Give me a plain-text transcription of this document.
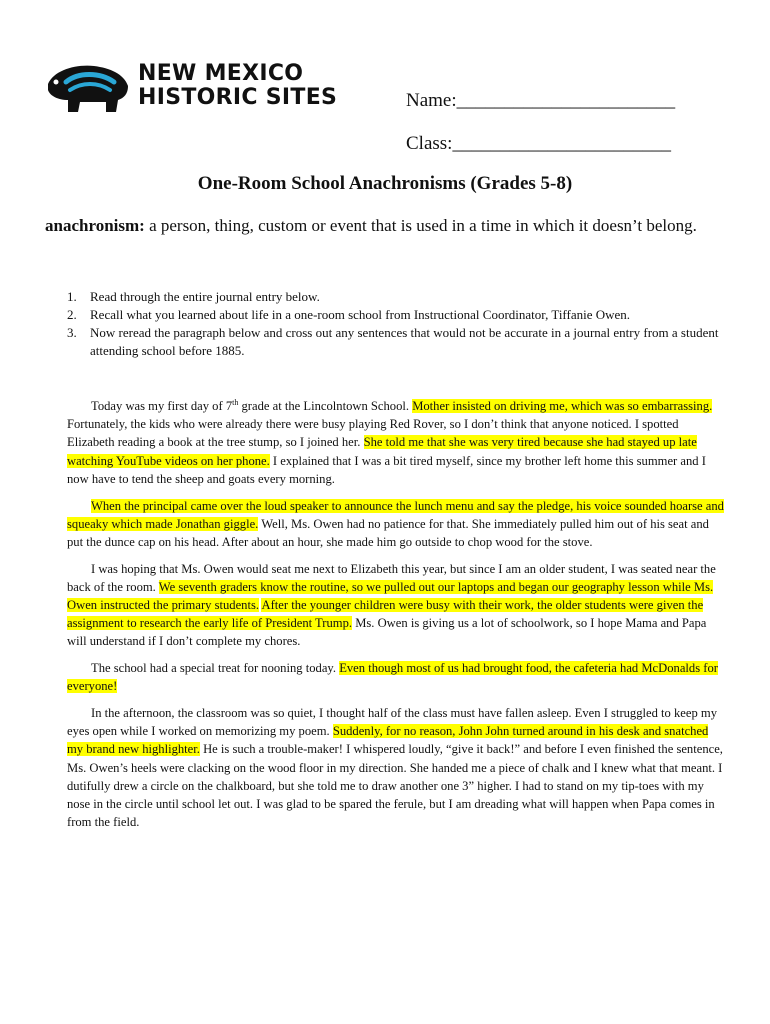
NEW MEXICO
HISTORIC SITES	Name:_______________________
Class:_______________________
One-Room School Anachronisms (Grades 5-8)

anachronism: a person, thing, custom or event that is used in a time in which it doesn’t belong.

1. Read through the entire journal entry below.
2. Recall what you learned about life in a one-room school from Instructional Coordinator, Tiffanie Owen.
3. Now reread the paragraph below and cross out any sentences that would not be accurate in a journal entry from a student attending school before 1885.

Today was my first day of 7th grade at the Lincolntown School. Mother insisted on driving me, which was so embarrassing. Fortunately, the kids who were already there were busy playing Red Rover, so I don’t think that anyone noticed. I spotted Elizabeth reading a book at the tree stump, so I joined her. She told me that she was very tired because she had stayed up late watching YouTube videos on her phone. I explained that I was a bit tired myself, since my brother left home this summer and I now have to tend the sheep and goats every morning.

When the principal came over the loud speaker to announce the lunch menu and say the pledge, his voice sounded hoarse and squeaky which made Jonathan giggle. Well, Ms. Owen had no patience for that. She immediately pulled him out of his seat and put the dunce cap on his head. After about an hour, she made him go outside to chop wood for the stove.

I was hoping that Ms. Owen would seat me next to Elizabeth this year, but since I am an older student, I was seated near the back of the room. We seventh graders know the routine, so we pulled out our laptops and began our geography lesson while Ms. Owen instructed the primary students. After the younger children were busy with their work, the older students were given the assignment to research the early life of President Trump. Ms. Owen is giving us a lot of schoolwork, so I hope Mama and Papa will understand if I don’t complete my chores.

The school had a special treat for nooning today. Even though most of us had brought food, the cafeteria had McDonalds for everyone!

In the afternoon, the classroom was so quiet, I thought half of the class must have fallen asleep. Even I struggled to keep my eyes open while I worked on memorizing my poem. Suddenly, for no reason, John John turned around in his desk and snatched my brand new highlighter. He is such a trouble-maker! I whispered loudly, “give it back!” and before I even finished the sentence, Ms. Owen’s heels were clacking on the wood floor in my direction. She handed me a piece of chalk and I knew what that meant. I dutifully drew a circle on the chalkboard, but she told me to draw another one 3” higher. I had to stand on my tip-toes with my nose in the circle until school let out. I was glad to be spared the ferule, but I am dreading what will happen when Papa comes in from the field.
